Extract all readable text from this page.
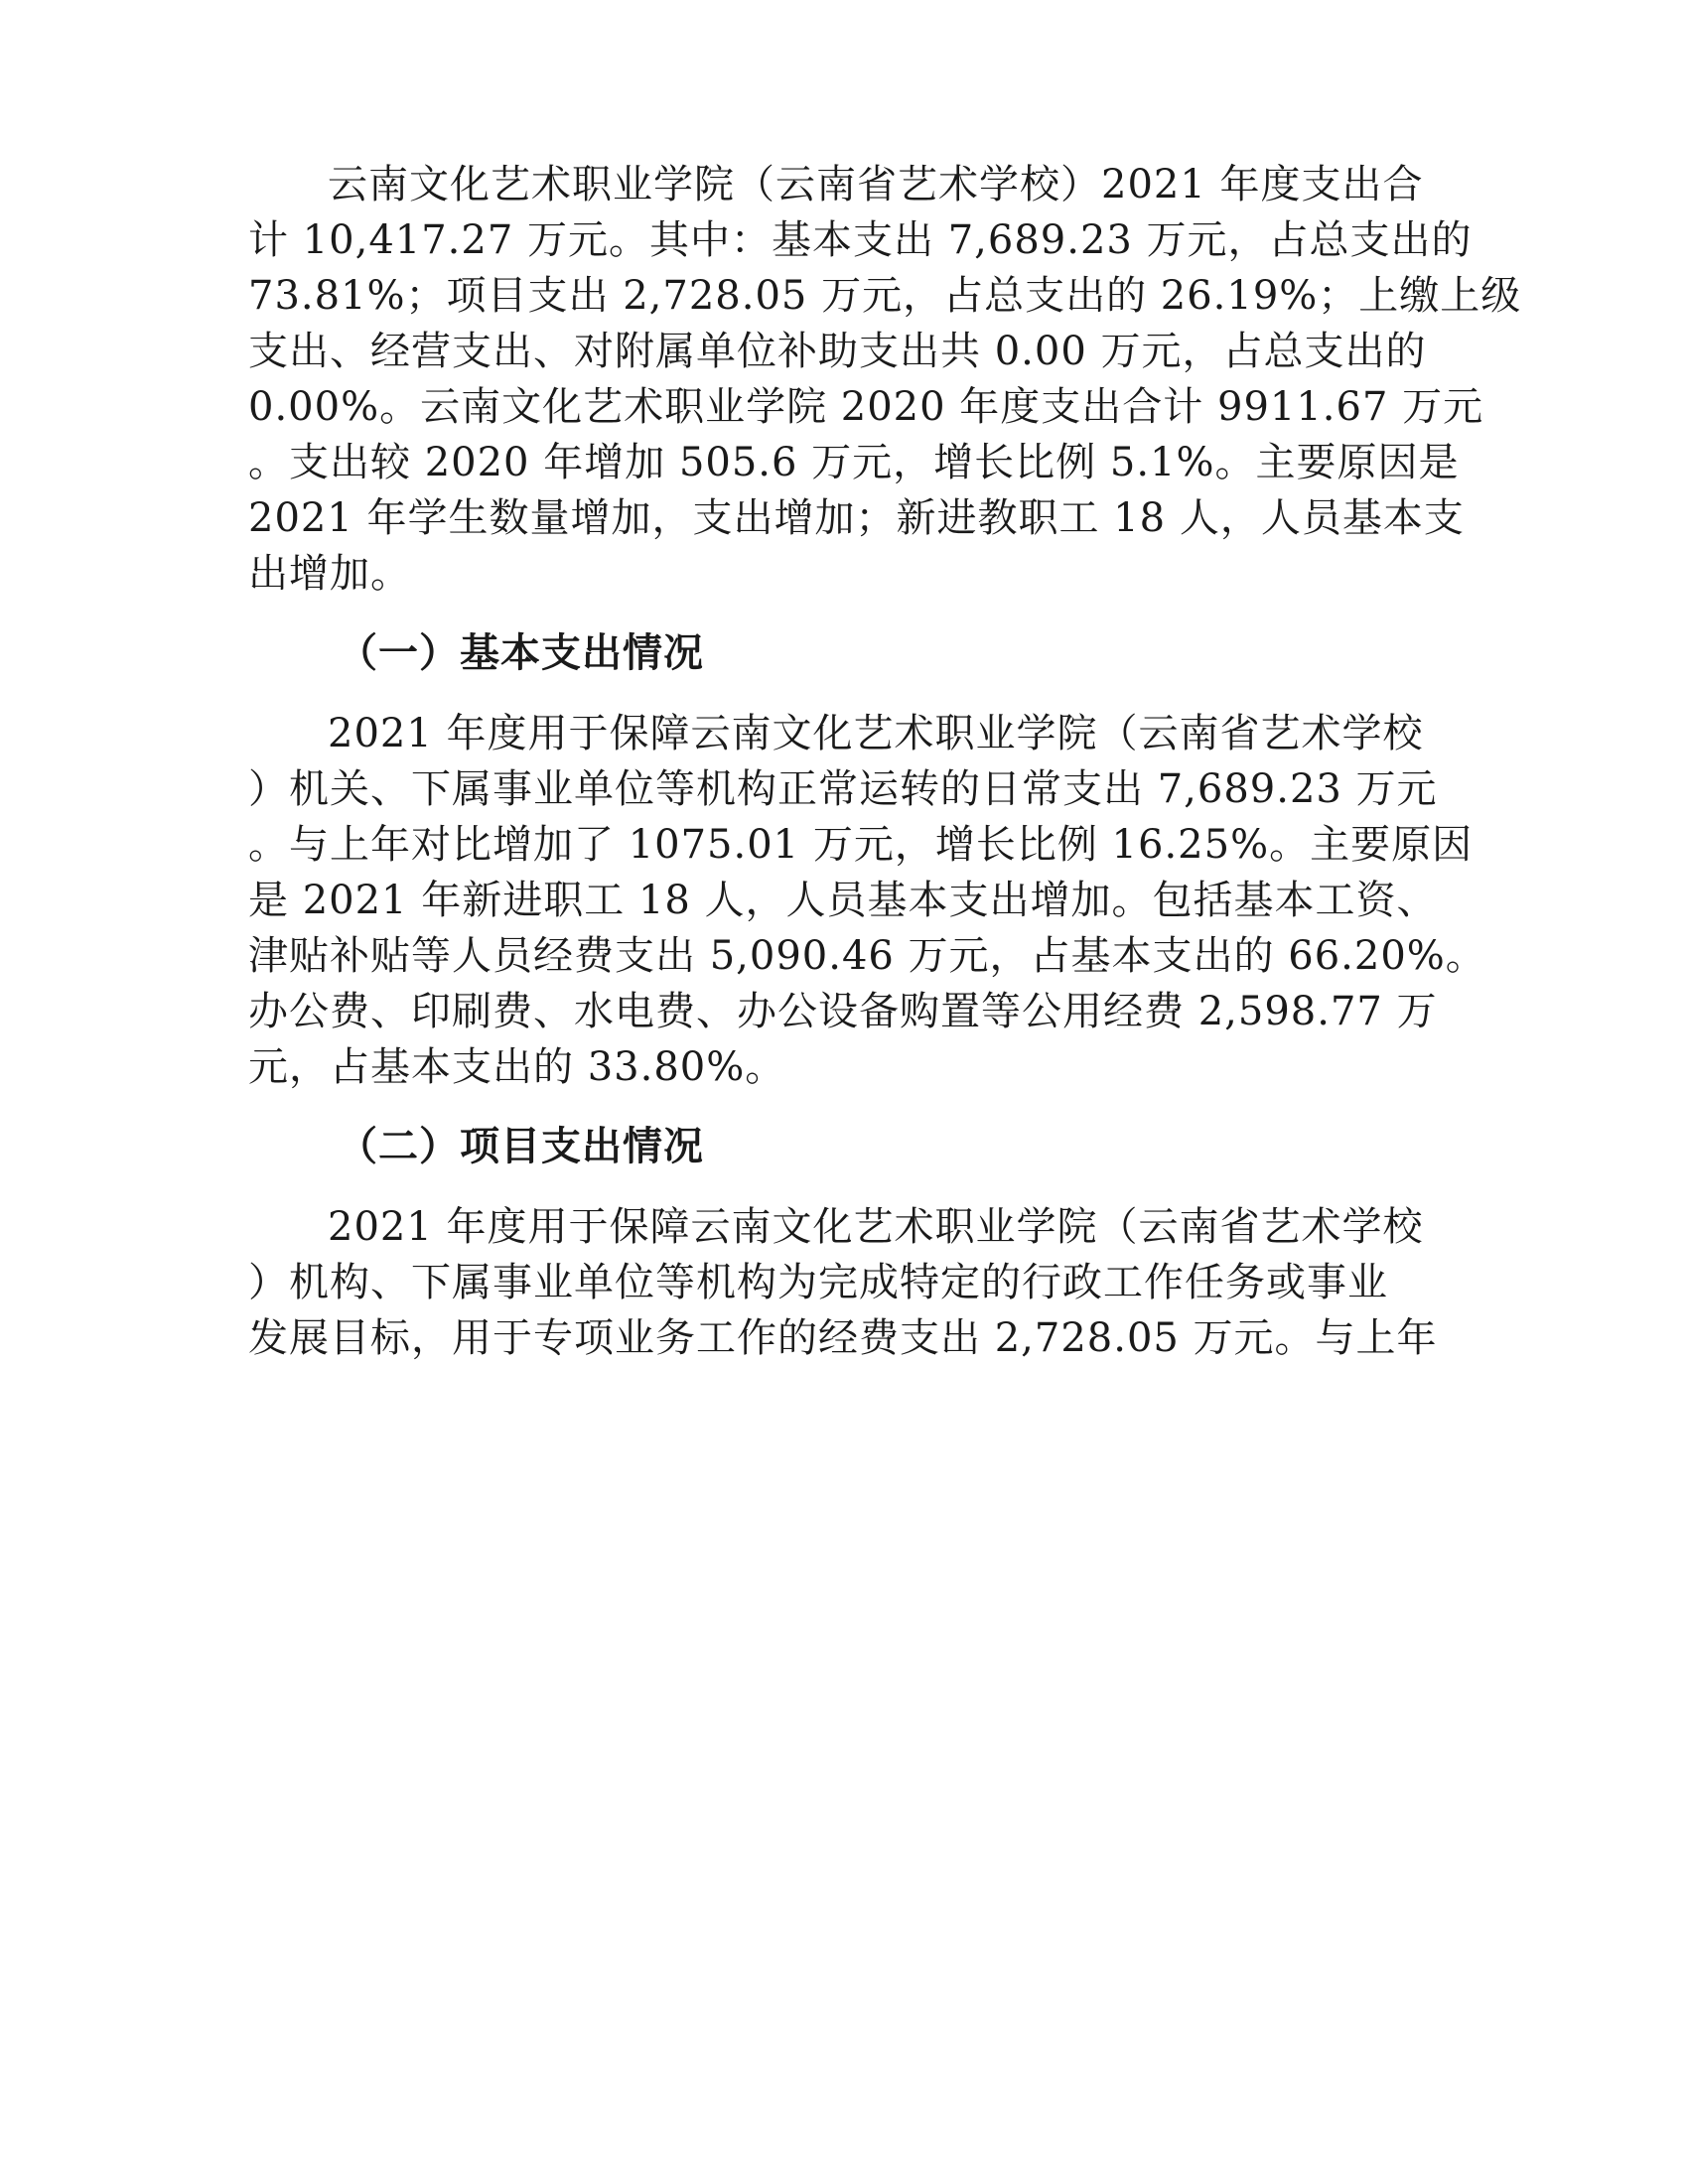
云南文化艺术职业学院（云南省艺术学校）2021 年度支出合
计 10,417.27 万元。其中：基本支出 7,689.23 万元，占总支出的
73.81%；项目支出 2,728.05 万元，占总支出的 26.19%；上缴上级
支出、经营支出、对附属单位补助支出共 0.00 万元，占总支出的
0.00%。云南文化艺术职业学院 2020 年度支出合计 9911.67 万元
。支出较 2020 年增加 505.6 万元，增长比例 5.1%。主要原因是
2021 年学生数量增加，支出增加；新进教职工 18 人，人员基本支
出增加。
（一）基本支出情况
2021 年度用于保障云南文化艺术职业学院（云南省艺术学校
）机关、下属事业单位等机构正常运转的日常支出 7,689.23 万元
。与上年对比增加了 1075.01 万元，增长比例 16.25%。主要原因
是 2021 年新进职工 18 人，人员基本支出增加。包括基本工资、
津贴补贴等人员经费支出 5,090.46 万元，占基本支出的 66.20%。
办公费、印刷费、水电费、办公设备购置等公用经费 2,598.77 万
元，占基本支出的 33.80%。
（二）项目支出情况
2021 年度用于保障云南文化艺术职业学院（云南省艺术学校
）机构、下属事业单位等机构为完成特定的行政工作任务或事业
发展目标，用于专项业务工作的经费支出 2,728.05 万元。与上年
